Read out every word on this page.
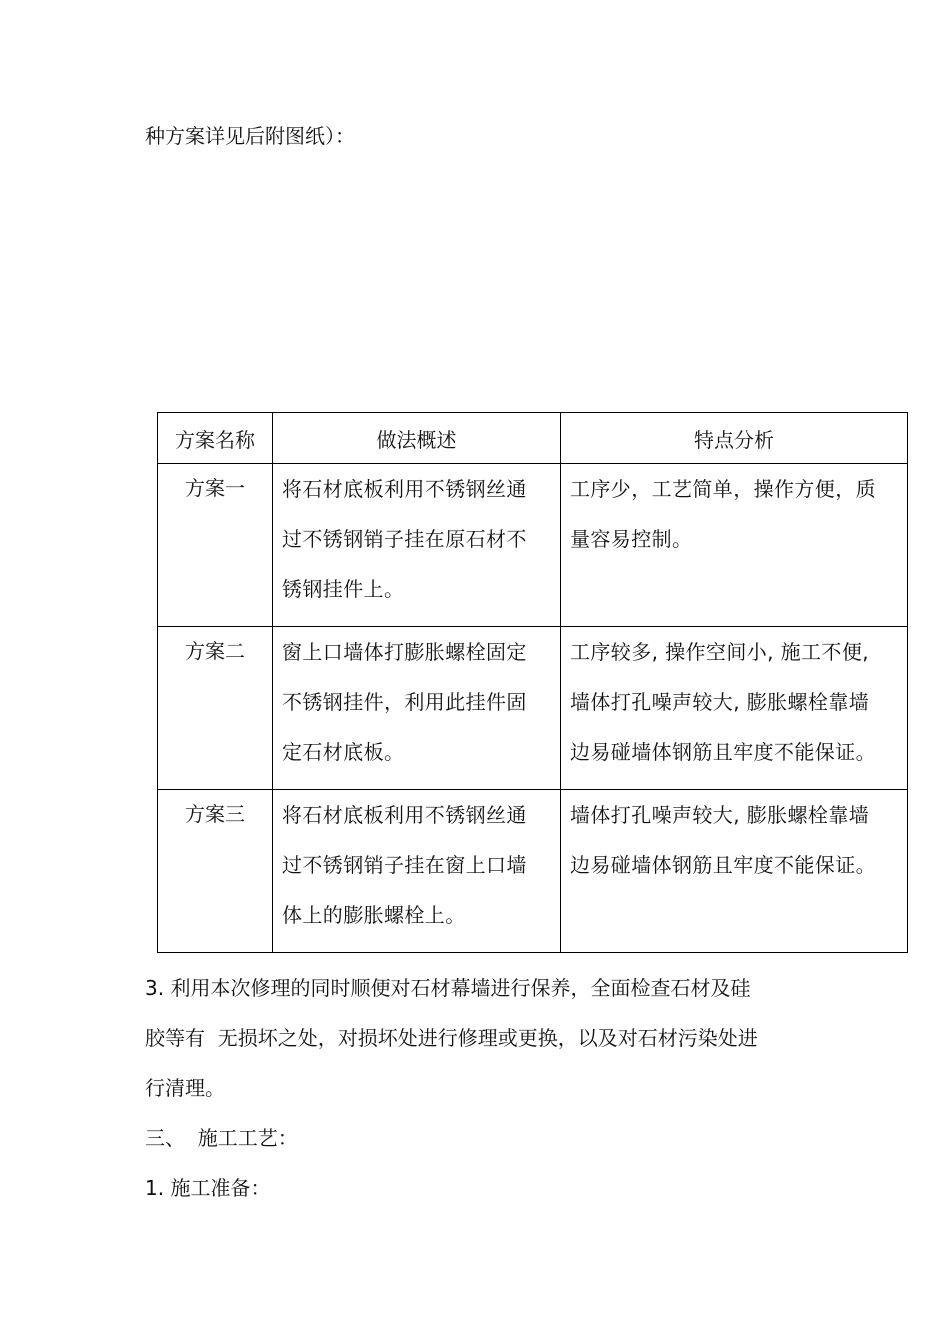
种方案详见后附图纸）：
方案名称	做法概述	特点分析
方案一	将石材底板利用不锈钢丝通
过不锈钢销子挂在原石材不
锈钢挂件上。	工序少，工艺简单，操作方便，质
量容易控制。

方案二	窗上口墙体打膨胀螺栓固定
不锈钢挂件，利用此挂件固
定石材底板。	工序较多, 操作空间小, 施工不便,
墙体打孔噪声较大, 膨胀螺栓靠墙
边易碰墙体钢筋且牢度不能保证。

方案三	将石材底板利用不锈钢丝通
过不锈钢销子挂在窗上口墙
体上的膨胀螺栓上。	墙体打孔噪声较大, 膨胀螺栓靠墙
边易碰墙体钢筋且牢度不能保证。
3. 利用本次修理的同时顺便对石材幕墙进行保养，全面检查石材及硅
胶等有  无损坏之处，对损坏处进行修理或更换，以及对石材污染处进
行清理。
三、  施工工艺：
1. 施工准备：
